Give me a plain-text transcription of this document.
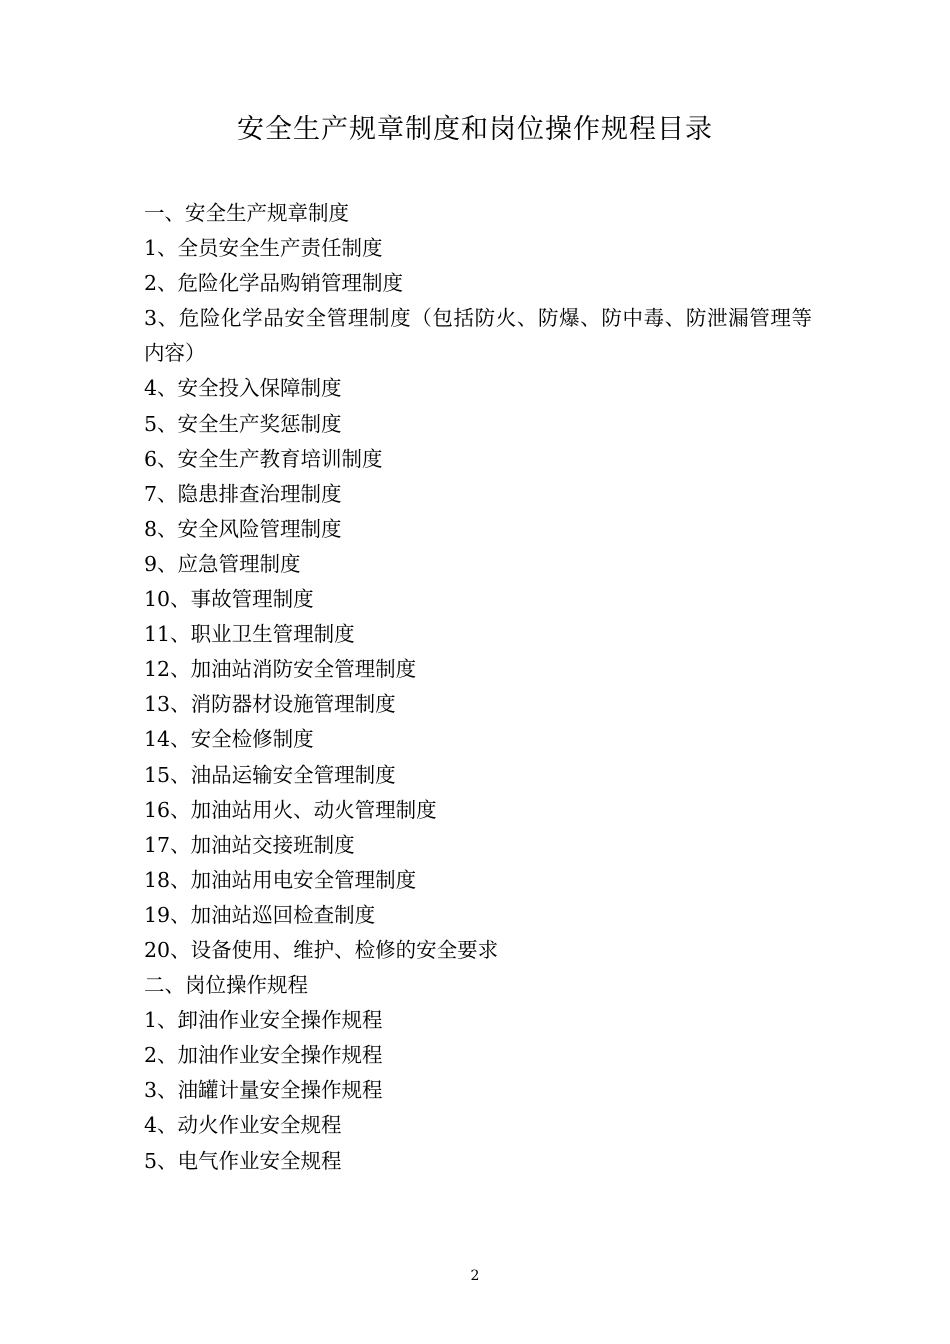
安全生产规章制度和岗位操作规程目录
一、安全生产规章制度
1、全员安全生产责任制度
2、危险化学品购销管理制度
3、危险化学品安全管理制度（包括防火、防爆、防中毒、防泄漏管理等内容）
4、安全投入保障制度
5、安全生产奖惩制度
6、安全生产教育培训制度
7、隐患排查治理制度
8、安全风险管理制度
9、应急管理制度
10、事故管理制度
11、职业卫生管理制度
12、加油站消防安全管理制度
13、消防器材设施管理制度
14、安全检修制度
15、油品运输安全管理制度
16、加油站用火、动火管理制度
17、加油站交接班制度
18、加油站用电安全管理制度
19、加油站巡回检查制度
20、设备使用、维护、检修的安全要求
二、岗位操作规程
1、卸油作业安全操作规程
2、加油作业安全操作规程
3、油罐计量安全操作规程
4、动火作业安全规程
5、电气作业安全规程
2
